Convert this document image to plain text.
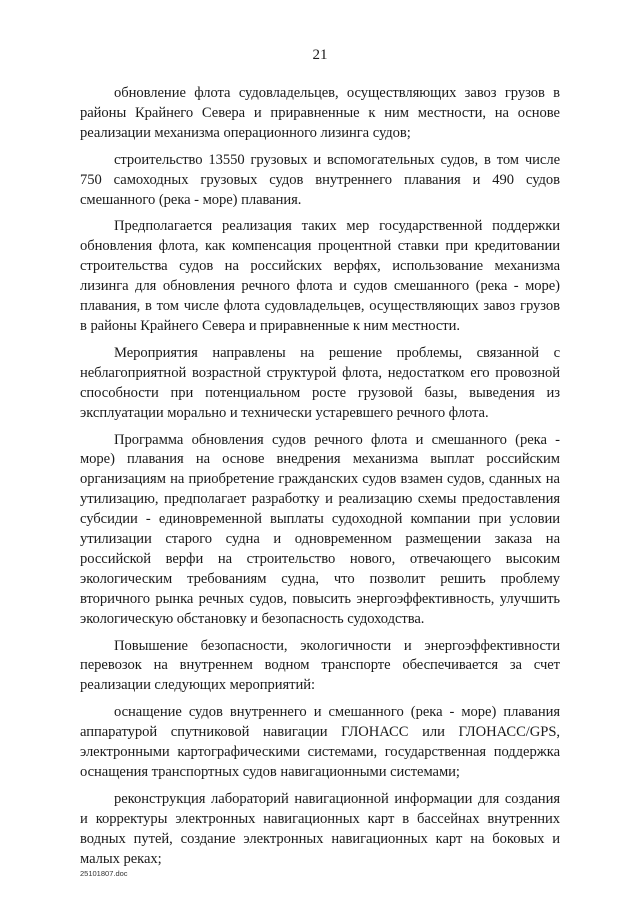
21

обновление флота судовладельцев, осуществляющих завоз грузов в районы Крайнего Севера и приравненные к ним местности, на основе реализации механизма операционного лизинга судов;

строительство 13550 грузовых и вспомогательных судов, в том числе 750 самоходных грузовых судов внутреннего плавания и 490 судов смешанного (река - море) плавания.

Предполагается реализация таких мер государственной поддержки обновления флота, как компенсация процентной ставки при кредитовании строительства судов на российских верфях, использование механизма лизинга для обновления речного флота и судов смешанного (река - море) плавания, в том числе флота судовладельцев, осуществляющих завоз грузов в районы Крайнего Севера и приравненные к ним местности.

Мероприятия направлены на решение проблемы, связанной с неблагоприятной возрастной структурой флота, недостатком его провозной способности при потенциальном росте грузовой базы, выведения из эксплуатации морально и технически устаревшего речного флота.

Программа обновления судов речного флота и смешанного (река - море) плавания на основе внедрения механизма выплат российским организациям на приобретение гражданских судов взамен судов, сданных на утилизацию, предполагает разработку и реализацию схемы предоставления субсидии - единовременной выплаты судоходной компании при условии утилизации старого судна и одновременном размещении заказа на российской верфи на строительство нового, отвечающего высоким экологическим требованиям судна, что позволит решить проблему вторичного рынка речных судов, повысить энергоэффективность, улучшить экологическую обстановку и безопасность судоходства.

Повышение безопасности, экологичности и энергоэффективности перевозок на внутреннем водном транспорте обеспечивается за счет реализации следующих мероприятий:

оснащение судов внутреннего и смешанного (река - море) плавания аппаратурой спутниковой навигации ГЛОНАСС или ГЛОНАСС/GPS, электронными картографическими системами, государственная поддержка оснащения транспортных судов навигационными системами;

реконструкция лабораторий навигационной информации для создания и корректуры электронных навигационных карт в бассейнах внутренних водных путей, создание электронных навигационных карт на боковых и малых реках;

25101807.doc
